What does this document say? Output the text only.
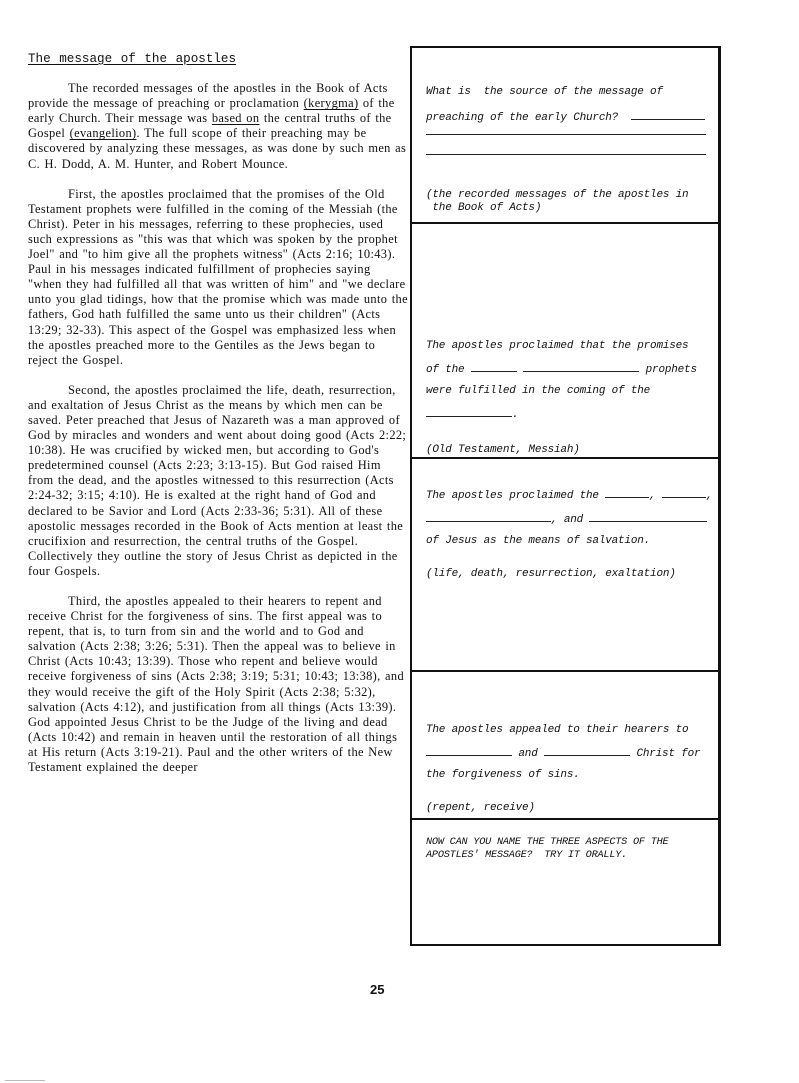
The message of the apostles

The recorded messages of the apostles in the Book of Acts provide the message of preaching or proclamation (kerygma) of the early Church. Their message was based on the central truths of the Gospel (evangelion). The full scope of their preaching may be discovered by analyzing these messages, as was done by such men as C. H. Dodd, A. M. Hunter, and Robert Mounce.

First, the apostles proclaimed that the promises of the Old Testament prophets were fulfilled in the coming of the Messiah (the Christ). Peter in his messages, referring to these prophecies, used such expressions as "this was that which was spoken by the prophet Joel" and "to him give all the prophets witness" (Acts 2:16; 10:43). Paul in his messages indicated fulfillment of prophecies saying "when they had fulfilled all that was written of him" and "we declare unto you glad tidings, how that the promise which was made unto the fathers, God hath fulfilled the same unto us their children" (Acts 13:29; 32-33). This aspect of the Gospel was emphasized less when the apostles preached more to the Gentiles as the Jews began to reject the Gospel.

Second, the apostles proclaimed the life, death, resurrection, and exaltation of Jesus Christ as the means by which men can be saved. Peter preached that Jesus of Nazareth was a man approved of God by miracles and wonders and went about doing good (Acts 2:22; 10:38). He was crucified by wicked men, but according to God's predetermined counsel (Acts 2:23; 3:13-15). But God raised Him from the dead, and the apostles witnessed to this resurrection (Acts 2:24-32; 3:15; 4:10). He is exalted at the right hand of God and declared to be Savior and Lord (Acts 2:33-36; 5:31). All of these apostolic messages recorded in the Book of Acts mention at least the crucifixion and resurrection, the central truths of the Gospel. Collectively they outline the story of Jesus Christ as depicted in the four Gospels.

Third, the apostles appealed to their hearers to repent and receive Christ for the forgiveness of sins. The first appeal was to repent, that is, to turn from sin and the world and to God and salvation (Acts 2:38; 3:26; 5:31). Then the appeal was to believe in Christ (Acts 10:43; 13:39). Those who repent and believe would receive forgiveness of sins (Acts 2:38; 3:19; 5:31; 10:43; 13:38), and they would receive the gift of the Holy Spirit (Acts 2:38; 5:32), salvation (Acts 4:12), and justification from all things (Acts 13:39). God appointed Jesus Christ to be the Judge of the living and dead (Acts 10:42) and remain in heaven until the restoration of all things at His return (Acts 3:19-21). Paul and the other writers of the New Testament explained the deeper

What is  the source of the message of
preaching of the early Church?
(the recorded messages of the apostles in
the Book of Acts)
The apostles proclaimed that the promises
of the	prophets
were fulfilled in the coming of the
.
(Old Testament, Messiah)
The apostles proclaimed the	,	,
, and
of Jesus as the means of salvation.
(life, death, resurrection, exaltation)
The apostles appealed to their hearers to
and	Christ for
the forgiveness of sins.
(repent, receive)
NOW CAN YOU NAME THE THREE ASPECTS OF THE
APOSTLES' MESSAGE?  TRY IT ORALLY.
25
